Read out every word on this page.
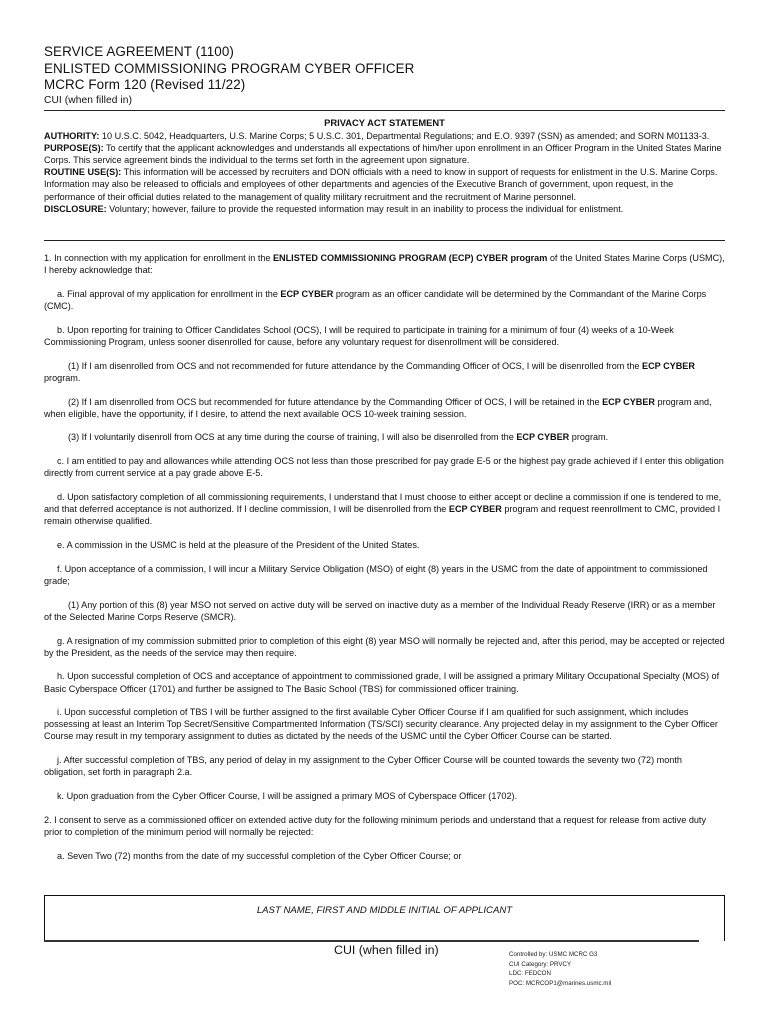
SERVICE AGREEMENT (1100)
ENLISTED COMMISSIONING PROGRAM CYBER OFFICER
MCRC Form 120 (Revised 11/22)
CUI (when filled in)
PRIVACY ACT STATEMENT

AUTHORITY: 10 U.S.C. 5042, Headquarters, U.S. Marine Corps; 5 U.S.C. 301, Departmental Regulations; and E.O. 9397 (SSN) as amended; and SORN M01133-3.

PURPOSE(S): To certify that the applicant acknowledges and understands all expectations of him/her upon enrollment in an Officer Program in the United States Marine Corps. This service agreement binds the individual to the terms set forth in the agreement upon signature.

ROUTINE USE(S): This information will be accessed by recruiters and DON officials with a need to know in support of requests for enlistment in the U.S. Marine Corps. Information may also be released to officials and employees of other departments and agencies of the Executive Branch of government, upon request, in the performance of their official duties related to the management of quality military recruitment and the recruitment of Marine personnel.

DISCLOSURE: Voluntary; however, failure to provide the requested information may result in an inability to process the individual for enlistment.

1. In connection with my application for enrollment in the ENLISTED COMMISSIONING PROGRAM (ECP) CYBER program of the United States Marine Corps (USMC), I hereby acknowledge that:

a. Final approval of my application for enrollment in the ECP CYBER program as an officer candidate will be determined by the Commandant of the Marine Corps (CMC).

b. Upon reporting for training to Officer Candidates School (OCS), I will be required to participate in training for a minimum of four (4) weeks of a 10-Week Commissioning Program, unless sooner disenrolled for cause, before any voluntary request for disenrollment will be considered.

(1) If I am disenrolled from OCS and not recommended for future attendance by the Commanding Officer of OCS, I will be disenrolled from the ECP CYBER program.

(2) If I am disenrolled from OCS but recommended for future attendance by the Commanding Officer of OCS, I will be retained in the ECP CYBER program and, when eligible, have the opportunity, if I desire, to attend the next available OCS 10-week training session.

(3) If I voluntarily disenroll from OCS at any time during the course of training, I will also be disenrolled from the ECP CYBER program.

c. I am entitled to pay and allowances while attending OCS not less than those prescribed for pay grade E-5 or the highest pay grade achieved if I enter this obligation directly from current service at a pay grade above E-5.

d. Upon satisfactory completion of all commissioning requirements, I understand that I must choose to either accept or decline a commission if one is tendered to me, and that deferred acceptance is not authorized. If I decline commission, I will be disenrolled from the ECP CYBER program and request reenrollment to CMC, provided I remain otherwise qualified.

e. A commission in the USMC is held at the pleasure of the President of the United States.

f. Upon acceptance of a commission, I will incur a Military Service Obligation (MSO) of eight (8) years in the USMC from the date of appointment to commissioned grade;

(1) Any portion of this (8) year MSO not served on active duty will be served on inactive duty as a member of the Individual Ready Reserve (IRR) or as a member of the Selected Marine Corps Reserve (SMCR).

g. A resignation of my commission submitted prior to completion of this eight (8) year MSO will normally be rejected and, after this period, may be accepted or rejected by the President, as the needs of the service may then require.

h. Upon successful completion of OCS and acceptance of appointment to commissioned grade, I will be assigned a primary Military Occupational Specialty (MOS) of Basic Cyberspace Officer (1701) and further be assigned to The Basic School (TBS) for commissioned officer training.

i. Upon successful completion of TBS I will be further assigned to the first available Cyber Officer Course if I am qualified for such assignment, which includes possessing at least an Interim Top Secret/Sensitive Compartmented Information (TS/SCI) security clearance. Any projected delay in my assignment to the Cyber Officer Course may result in my temporary assignment to duties as dictated by the needs of the USMC until the Cyber Officer Course can be started.

j. After successful completion of TBS, any period of delay in my assignment to the Cyber Officer Course will be counted towards the seventy two (72) month obligation, set forth in paragraph 2.a.

k. Upon graduation from the Cyber Officer Course, I will be assigned a primary MOS of Cyberspace Officer (1702).

2. I consent to serve as a commissioned officer on extended active duty for the following minimum periods and understand that a request for release from active duty prior to completion of the minimum period will normally be rejected:

a. Seven Two (72) months from the date of my successful completion of the Cyber Officer Course; or

LAST NAME, FIRST AND MIDDLE INITIAL OF APPLICANT
CUI (when filled in)	Controlled by: USMC MCRC G3
CUI Category: PRVCY
LDC: FEDCON
POC: MCRCOP1@marines.usmc.mil
